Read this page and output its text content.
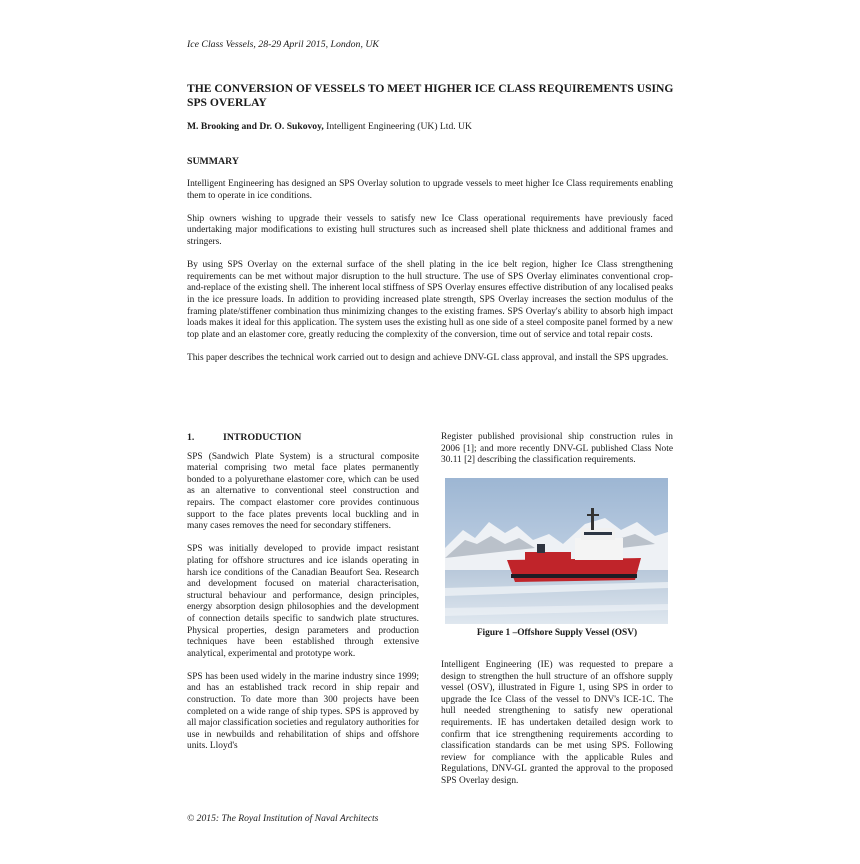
Ice Class Vessels, 28-29 April 2015, London, UK
THE CONVERSION OF VESSELS TO MEET HIGHER ICE CLASS REQUIREMENTS USING SPS OVERLAY
M. Brooking and Dr. O. Sukovoy, Intelligent Engineering (UK) Ltd. UK
SUMMARY

Intelligent Engineering has designed an SPS Overlay solution to upgrade vessels to meet higher Ice Class requirements enabling them to operate in ice conditions.

Ship owners wishing to upgrade their vessels to satisfy new Ice Class operational requirements have previously faced undertaking major modifications to existing hull structures such as increased shell plate thickness and additional frames and stringers.

By using SPS Overlay on the external surface of the shell plating in the ice belt region, higher Ice Class strengthening requirements can be met without major disruption to the hull structure. The use of SPS Overlay eliminates conventional crop-and-replace of the existing shell. The inherent local stiffness of SPS Overlay ensures effective distribution of any localised peaks in the ice pressure loads. In addition to providing increased plate strength, SPS Overlay increases the section modulus of the framing plate/stiffener combination thus minimizing changes to the existing frames. SPS Overlay's ability to absorb high impact loads makes it ideal for this application. The system uses the existing hull as one side of a steel composite panel formed by a new top plate and an elastomer core, greatly reducing the complexity of the conversion, time out of service and total repair costs.

This paper describes the technical work carried out to design and achieve DNV-GL class approval, and install the SPS upgrades.

1.	INTRODUCTION

SPS (Sandwich Plate System) is a structural composite material comprising two metal face plates permanently bonded to a polyurethane elastomer core, which can be used as an alternative to conventional steel construction and repairs. The compact elastomer core provides continuous support to the face plates prevents local buckling and in many cases removes the need for secondary stiffeners.

SPS was initially developed to provide impact resistant plating for offshore structures and ice islands operating in harsh ice conditions of the Canadian Beaufort Sea. Research and development focused on material characterisation, structural behaviour and performance, design principles, energy absorption design philosophies and the development of connection details specific to sandwich plate structures. Physical properties, design parameters and production techniques have been established through extensive analytical, experimental and prototype work.

SPS has been used widely in the marine industry since 1999; and has an established track record in ship repair and construction. To date more than 300 projects have been completed on a wide range of ship types. SPS is approved by all major classification societies and regulatory authorities for use in newbuilds and rehabilitation of ships and offshore units. Lloyd's

Register published provisional ship construction rules in 2006 [1]; and more recently DNV-GL published Class Note 30.11 [2] describing the classification requirements.

Figure 1 –Offshore Supply Vessel (OSV)

Intelligent Engineering (IE) was requested to prepare a design to strengthen the hull structure of an offshore supply vessel (OSV), illustrated in Figure 1, using SPS in order to upgrade the Ice Class of the vessel to DNV's ICE-1C. The hull needed strengthening to satisfy new operational requirements. IE has undertaken detailed design work to confirm that ice strengthening requirements according to classification standards can be met using SPS. Following review for compliance with the applicable Rules and Regulations, DNV-GL granted the approval to the proposed SPS Overlay design.

© 2015: The Royal Institution of Naval Architects
